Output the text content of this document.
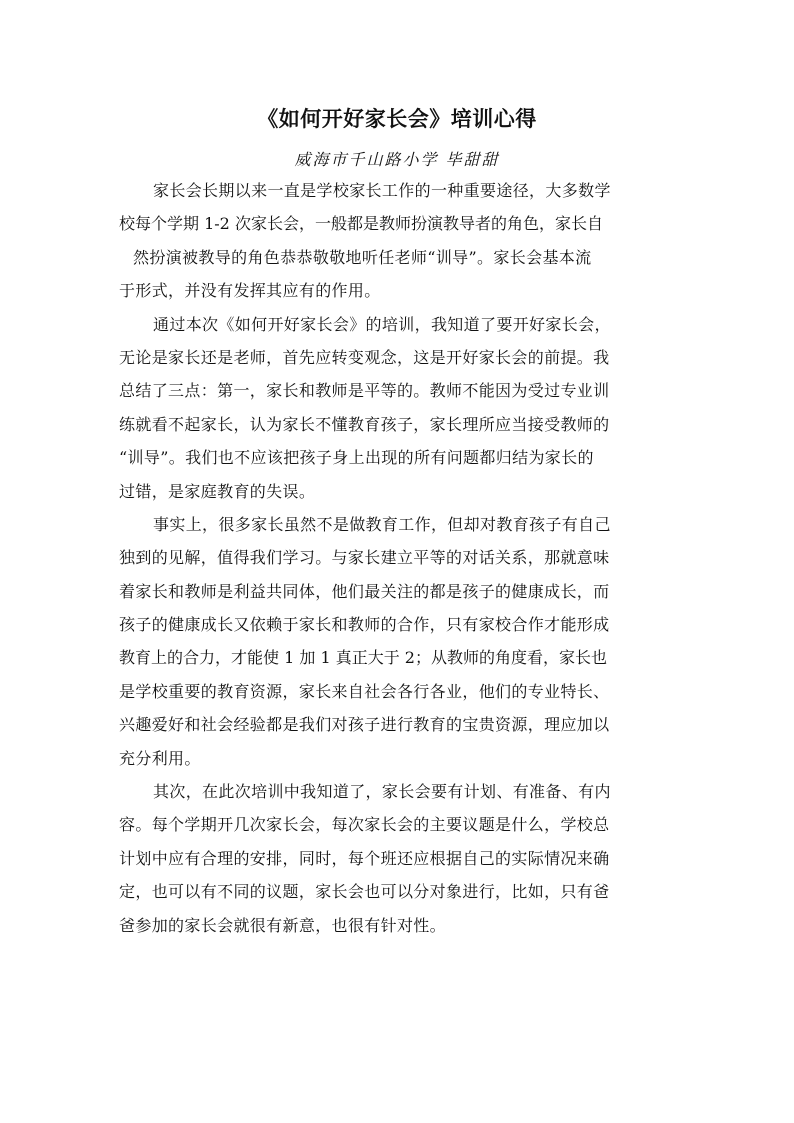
《如何开好家长会》培训心得
威海市千山路小学 毕甜甜
家长会长期以来一直是学校家长工作的一种重要途径，大多数学
校每个学期 1-2 次家长会，一般都是教师扮演教导者的角色，家长自
然扮演被教导的角色恭恭敬敬地听任老师“训导”。家长会基本流
于形式，并没有发挥其应有的作用。
通过本次《如何开好家长会》的培训，我知道了要开好家长会，
无论是家长还是老师，首先应转变观念，这是开好家长会的前提。我
总结了三点：第一，家长和教师是平等的。教师不能因为受过专业训
练就看不起家长，认为家长不懂教育孩子，家长理所应当接受教师的
“训导”。我们也不应该把孩子身上出现的所有问题都归结为家长的
过错，是家庭教育的失误。
事实上，很多家长虽然不是做教育工作，但却对教育孩子有自己
独到的见解，值得我们学习。与家长建立平等的对话关系，那就意味
着家长和教师是利益共同体，他们最关注的都是孩子的健康成长，而
孩子的健康成长又依赖于家长和教师的合作，只有家校合作才能形成
教育上的合力，才能使 1 加 1 真正大于 2；从教师的角度看，家长也
是学校重要的教育资源，家长来自社会各行各业，他们的专业特长、
兴趣爱好和社会经验都是我们对孩子进行教育的宝贵资源，理应加以
充分利用。
其次，在此次培训中我知道了，家长会要有计划、有准备、有内
容。每个学期开几次家长会，每次家长会的主要议题是什么，学校总
计划中应有合理的安排，同时，每个班还应根据自己的实际情况来确
定，也可以有不同的议题，家长会也可以分对象进行，比如，只有爸
爸参加的家长会就很有新意，也很有针对性。
